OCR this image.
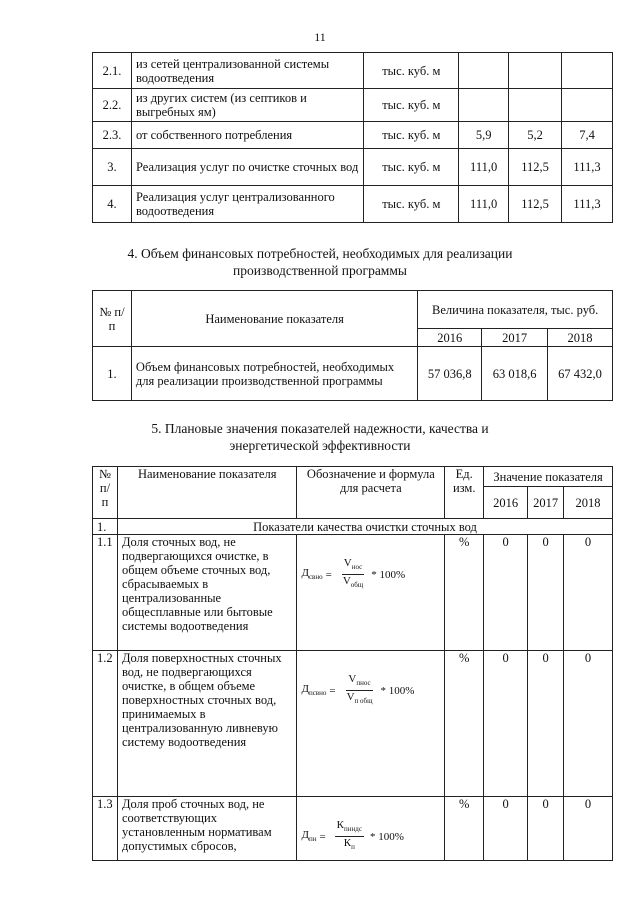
11
2.1.	из сетей централизованной системы водоотведения	тыс. куб. м			
2.2.	из других систем (из септиков и выгребных ям)	тыс. куб. м			
2.3.	от собственного потребления	тыс. куб. м	5,9	5,2	7,4
3.	Реализация услуг по очистке сточных вод	тыс. куб. м	111,0	112,5	111,3
4.	Реализация услуг централизованного водоотведения	тыс. куб. м	111,0	112,5	111,3
4. Объем финансовых потребностей, необходимых для реализации
производственной программы
№ п/п	Наименование показателя	Величина показателя, тыс. руб.		
		2016	2017	2018
1.	Объем финансовых потребностей, необходимых для реализации производственной программы	57 036,8	63 018,6	67 432,0
5. Плановые значения показателей надежности, качества и
энергетической эффективности
№ п/ п	Наименование показателя	Обозначение и формула для расчета	Ед. изм.	Значение показателя		
				2016	2017	2018
1.	Показатели качества очистки сточных вод					
1.1	Доля сточных вод, не подвергающихся очистке, в общем объеме сточных вод, сбрасываемых в централизованные общесплавные или бытовые системы водоотведения	$Д_{свно} = \frac{V_{нос}}{V_{общ}} * 100\%$	%	0	0	0
1.2	Доля поверхностных сточных вод, не подвергающихся очистке, в общем объеме поверхностных сточных вод, принимаемых в централизованную ливневую систему водоотведения	$Д_{псвно} = \frac{V_{пнос}}{V_{п общ}} * 100\%$	%	0	0	0
1.3	Доля проб сточных вод, не соответствующих установленным нормативам допустимых сбросов,	$Д_{пн} = \frac{К_{пнндс}}{К_п} * 100\%$	%	0	0	0
